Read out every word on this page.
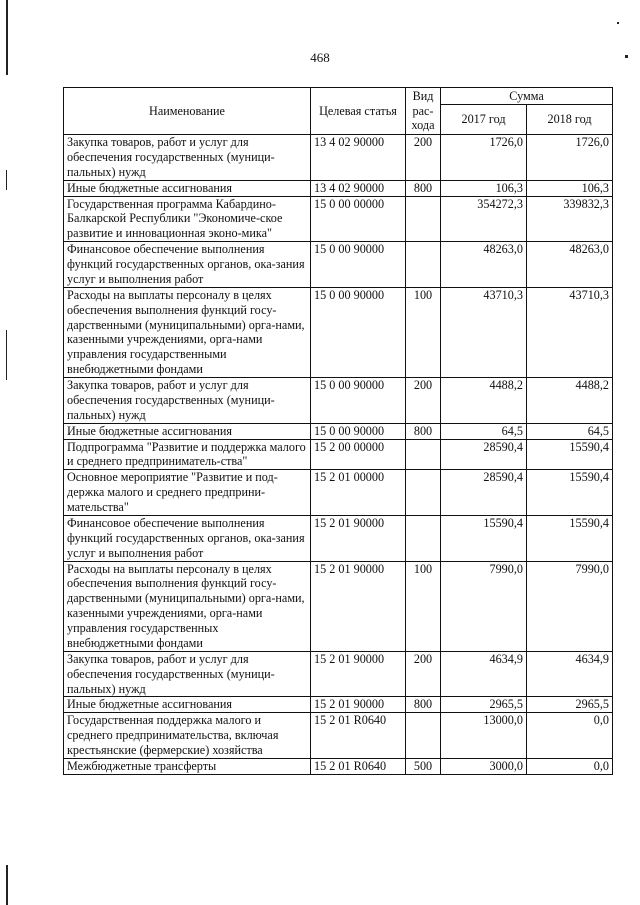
468
Наименование	Целевая статья	Вид рас-хода	Сумма	
			2017 год	2018 год
Закупка товаров, работ и услуг для обеспечения государственных (муници-пальных) нужд	13 4 02 90000	200	1726,0	1726,0
Иные бюджетные ассигнования	13 4 02 90000	800	106,3	106,3
Государственная программа Кабардино-Балкарской Республики "Экономиче-ское развитие и инновационная эконо-мика"	15 0 00 00000		354272,3	339832,3
Финансовое обеспечение выполнения функций государственных органов, ока-зания услуг и выполнения работ	15 0 00 90000		48263,0	48263,0
Расходы на выплаты персоналу в целях обеспечения выполнения функций госу-дарственными (муниципальными) орга-нами, казенными учреждениями, орга-нами управления государственными внебюджетными фондами	15 0 00 90000	100	43710,3	43710,3
Закупка товаров, работ и услуг для обеспечения государственных (муници-пальных) нужд	15 0 00 90000	200	4488,2	4488,2
Иные бюджетные ассигнования	15 0 00 90000	800	64,5	64,5
Подпрограмма "Развитие и поддержка малого и среднего предприниматель-ства"	15 2 00 00000		28590,4	15590,4
Основное мероприятие "Развитие и под-держка малого и среднего предприни-мательства"	15 2 01 00000		28590,4	15590,4
Финансовое обеспечение выполнения функций государственных органов, ока-зания услуг и выполнения работ	15 2 01 90000		15590,4	15590,4
Расходы на выплаты персоналу в целях обеспечения выполнения функций госу-дарственными (муниципальными) орга-нами, казенными учреждениями, орга-нами управления государственных внебюджетными фондами	15 2 01 90000	100	7990,0	7990,0
Закупка товаров, работ и услуг для обеспечения государственных (муници-пальных) нужд	15 2 01 90000	200	4634,9	4634,9
Иные бюджетные ассигнования	15 2 01 90000	800	2965,5	2965,5
Государственная поддержка малого и среднего предпринимательства, включая крестьянские (фермерские) хозяйства	15 2 01 R0640		13000,0	0,0
Межбюджетные трансферты	15 2 01 R0640	500	3000,0	0,0
